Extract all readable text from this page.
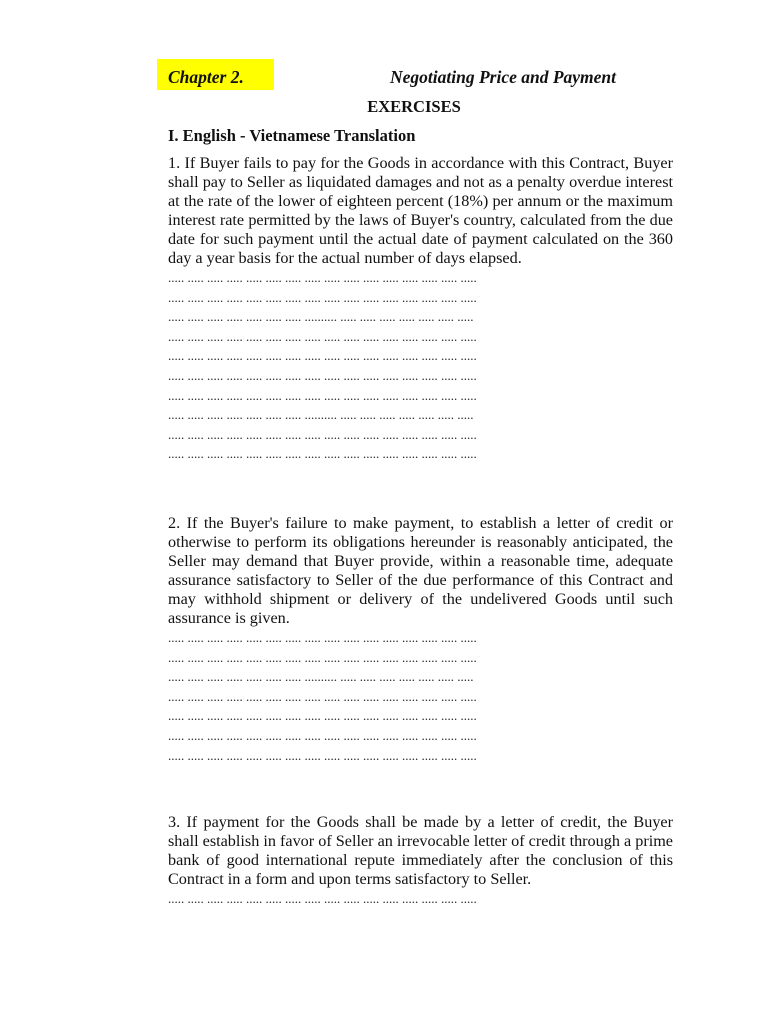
Chapter 2.	Negotiating Price and Payment
EXERCISES
I. English - Vietnamese Translation

1. If Buyer fails to pay for the Goods in accordance with this Contract, Buyer shall pay to Seller as liquidated damages and not as a penalty overdue interest at the rate of the lower of eighteen percent (18%) per annum or the maximum interest rate permitted by the laws of Buyer's country, calculated from the due date for such payment until the actual date of payment calculated on the 360 day a year basis for the actual number of days elapsed.

..... ..... ..... ..... ..... ..... ..... ..... ..... ..... ..... ..... ..... ..... ..... .....

..... ..... ..... ..... ..... ..... ..... ..... ..... ..... ..... ..... ..... ..... ..... .....

..... ..... ..... ..... ..... ..... ..... .......... ..... ..... ..... ..... ..... ..... .....

..... ..... ..... ..... ..... ..... ..... ..... ..... ..... ..... ..... ..... ..... ..... .....

..... ..... ..... ..... ..... ..... ..... ..... ..... ..... ..... ..... ..... ..... ..... .....

..... ..... ..... ..... ..... ..... ..... ..... ..... ..... ..... ..... ..... ..... ..... .....

..... ..... ..... ..... ..... ..... ..... ..... ..... ..... ..... ..... ..... ..... ..... .....

..... ..... ..... ..... ..... ..... ..... .......... ..... ..... ..... ..... ..... ..... .....

..... ..... ..... ..... ..... ..... ..... ..... ..... ..... ..... ..... ..... ..... ..... .....

..... ..... ..... ..... ..... ..... ..... ..... ..... ..... ..... ..... ..... ..... ..... .....

2. If the Buyer's failure to make payment, to establish a letter of credit or otherwise to perform its obligations hereunder is reasonably anticipated, the Seller may demand that Buyer provide, within a reasonable time, adequate assurance satisfactory to Seller of the due performance of this Contract and may withhold shipment or delivery of the undelivered Goods until such assurance is given.

..... ..... ..... ..... ..... ..... ..... ..... ..... ..... ..... ..... ..... ..... ..... .....

..... ..... ..... ..... ..... ..... ..... ..... ..... ..... ..... ..... ..... ..... ..... .....

..... ..... ..... ..... ..... ..... ..... .......... ..... ..... ..... ..... ..... ..... .....

..... ..... ..... ..... ..... ..... ..... ..... ..... ..... ..... ..... ..... ..... ..... .....

..... ..... ..... ..... ..... ..... ..... ..... ..... ..... ..... ..... ..... ..... ..... .....

..... ..... ..... ..... ..... ..... ..... ..... ..... ..... ..... ..... ..... ..... ..... .....

..... ..... ..... ..... ..... ..... ..... ..... ..... ..... ..... ..... ..... ..... ..... .....

3. If payment for the Goods shall be made by a letter of credit, the Buyer shall establish in favor of Seller an irrevocable letter of credit through a prime bank of good international repute immediately after the conclusion of this Contract in a form and upon terms satisfactory to Seller.

..... ..... ..... ..... ..... ..... ..... ..... ..... ..... ..... ..... ..... ..... ..... .....
